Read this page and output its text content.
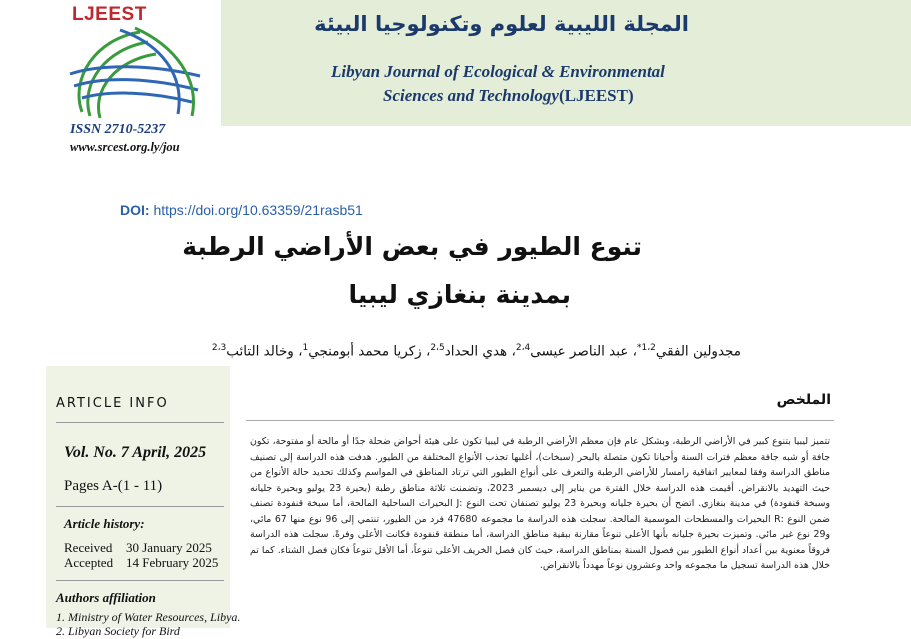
LJEEST
ISSN 2710-5237
www.srcest.org.ly/jou
المجلة الليبية لعلوم وتكنولوجيا البيئة
Libyan Journal of Ecological & Environmental
Sciences and Technology(LJEEST)
DOI: https://doi.org/10.63359/21rasb51
تنوع الطيور في بعض الأراضي الرطبة
بمدينة بنغازي ليبيا
مجدولين الفقي$^{1،2*}$، عبد الناصر عيسى$^{2،4}$، هدي الحداد$^{2،5}$، زكريا محمد أبومنجي$^1$، وخالد التائب$^{2،3}$
ARTICLE INFO
Vol. No. 7 April, 2025
Pages A-(1 - 11)
Article history:
Received 30 January 2025
Accepted 14 February 2025
Authors affiliation
1. Ministry of Water Resources, Libya.
2. Libyan Society for Bird
الملخص
تتميز ليبيا بتنوع كبير في الأراضي الرطبة، وبشكل عام فإن معظم الأراضي الرطبة في ليبيا تكون على هيئة أحواض ضحلة جدًا أو مالحة أو مفتوحة، تكون جافة أو شبه جافة معظم فترات السنة وأحيانا تكون متصلة بالبحر (سبخات)، أغلبها تجذب الأنواع المختلفة من الطيور. هدفت هذه الدراسة إلى تصنيف مناطق الدراسة وفقا لمعايير اتفاقية رامسار للأراضي الرطبة والتعرف على أنواع الطيور التي ترتاد المناطق في المواسم وكذلك تحديد حالة الأنواع من حيث التهديد بالانقراض. أقيمت هذه الدراسة خلال الفترة من يناير إلى ديسمبر 2023، وتضمنت ثلاثة مناطق رطبة (بحيرة 23 يوليو وبحيرة جليانه وسبخة قنفودة) في مدينة بنغازي. اتضح أن بحيرة جليانه وبحيرة 23 يوليو تصنفان تحت النوع :J البحيرات الساحلية المالحة، أما سبخة قنفودة تصنف ضمن النوع :R البحيرات والمسطحات الموسمية المالحة. سجلت هذه الدراسة ما مجموعه 47680 فرد من الطيور، تنتمي إلى 96 نوع منها 67 مائي، و29 نوع غير مائي. وتميزت بحيرة جليانه بأنها الأعلى تنوعاً مقارنة ببقية مناطق الدراسة، أما منطقة قنفودة فكانت الأعلى وفرةً. سجلت هذه الدراسة فروقاً معنوية بين أعداد أنواع الطيور بين فصول السنة بمناطق الدراسة، حيث كان فصل الخريف الأعلى تنوعاً، أما الأقل تنوعاً فكان فصل الشتاء. كما تم خلال هذه الدراسة تسجيل ما مجموعه واحد وعشرون نوعاً مهدداً بالانقراض.
